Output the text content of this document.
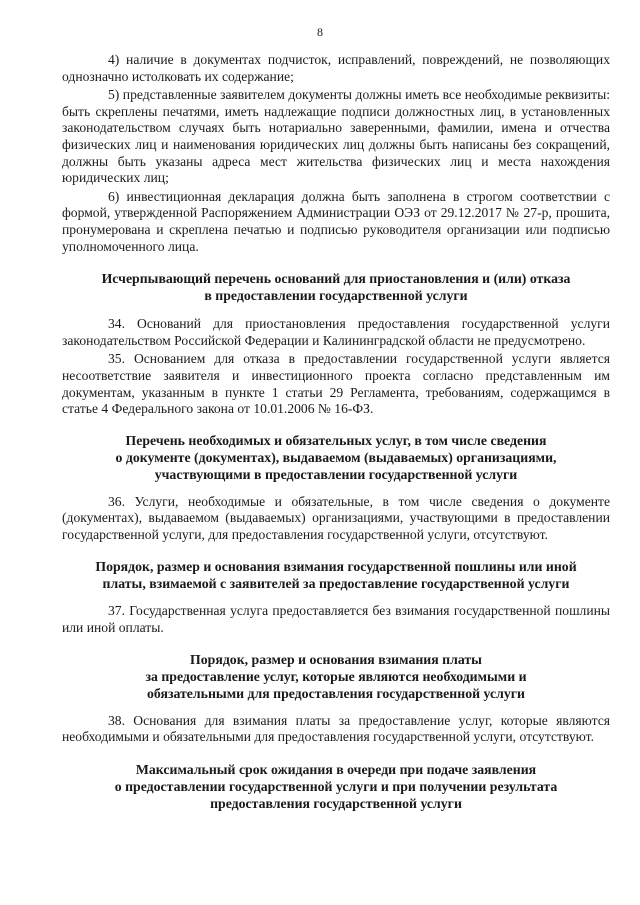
8

4) наличие в документах подчисток, исправлений, повреждений, не позволяющих однозначно истолковать их содержание;

5) представленные заявителем документы должны иметь все необходимые реквизиты: быть скреплены печатями, иметь надлежащие подписи должностных лиц, в установленных законодательством случаях быть нотариально заверенными, фамилии, имена и отчества физических лиц и наименования юридических лиц должны быть написаны без сокращений, должны быть указаны адреса мест жительства физических лиц и места нахождения юридических лиц;

6) инвестиционная декларация должна быть заполнена в строгом соответствии с формой, утвержденной Распоряжением Администрации ОЭЗ от 29.12.2017 № 27-р, прошита, пронумерована и скреплена печатью и подписью руководителя организации или подписью уполномоченного лица.

Исчерпывающий перечень оснований для приостановления и (или) отказа
в предоставлении государственной услуги

34. Оснований для приостановления предоставления государственной услуги законодательством Российской Федерации и Калининградской области не предусмотрено.

35. Основанием для отказа в предоставлении государственной услуги является несоответствие заявителя и инвестиционного проекта согласно представленным им документам, указанным в пункте 1 статьи 29 Регламента, требованиям, содержащимся в статье 4 Федерального закона от 10.01.2006 № 16-ФЗ.

Перечень необходимых и обязательных услуг, в том числе сведения
о документе (документах), выдаваемом (выдаваемых) организациями,
участвующими в предоставлении государственной услуги

36. Услуги, необходимые и обязательные, в том числе сведения о документе (документах), выдаваемом (выдаваемых) организациями, участвующими в предоставлении государственной услуги, для предоставления государственной услуги, отсутствуют.

Порядок, размер и основания взимания государственной пошлины или иной
платы, взимаемой с заявителей за предоставление государственной услуги

37. Государственная услуга предоставляется без взимания государственной пошлины или иной оплаты.

Порядок, размер и основания взимания платы
за предоставление услуг, которые являются необходимыми и
обязательными для предоставления государственной услуги

38. Основания для взимания платы за предоставление услуг, которые являются необходимыми и обязательными для предоставления государственной услуги, отсутствуют.

Максимальный срок ожидания в очереди при подаче заявления
о предоставлении государственной услуги и при получении результата
предоставления государственной услуги
